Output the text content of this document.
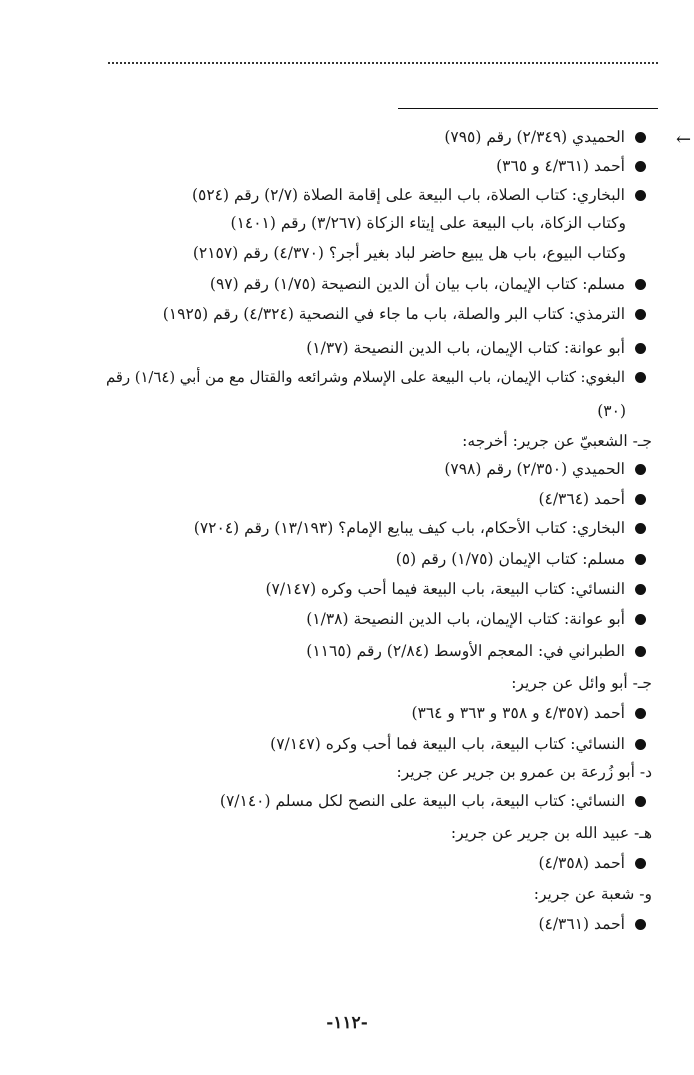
←
الحميدي (٢/٣٤٩) رقم (٧٩٥)
أحمد (٤/٣٦١ و ٣٦٥)
البخاري: كتاب الصلاة، باب البيعة على إقامة الصلاة (٢/٧) رقم (٥٢٤)
وكتاب الزكاة، باب البيعة على إيتاء الزكاة (٣/٢٦٧) رقم (١٤٠١)
وكتاب البيوع، باب هل يبيع حاضر لباد بغير أجر؟ (٤/٣٧٠) رقم (٢١٥٧)
مسلم: كتاب الإيمان، باب بيان أن الدين النصيحة (١/٧٥) رقم (٩٧)
الترمذي: كتاب البر والصلة، باب ما جاء في النصحية (٤/٣٢٤) رقم (١٩٢٥)
أبو عوانة: كتاب الإيمان، باب الدين النصيحة (١/٣٧)
البغوي: كتاب الإيمان، باب البيعة على الإسلام وشرائعه والقتال مع من أبي (١/٦٤) رقم
(٣٠)
جـ- الشعبيّ عن جرير: أخرجه:
الحميدي (٢/٣٥٠) رقم (٧٩٨)
أحمد (٤/٣٦٤)
البخاري: كتاب الأحكام، باب كيف يبايع الإمام؟ (١٣/١٩٣) رقم (٧٢٠٤)
مسلم: كتاب الإيمان (١/٧٥) رقم (٥)
النسائي: كتاب البيعة، باب البيعة فيما أحب وكره (٧/١٤٧)
أبو عوانة: كتاب الإيمان، باب الدين النصيحة (١/٣٨)
الطبراني في: المعجم الأوسط (٢/٨٤) رقم (١١٦٥)
جـ- أبو وائل عن جرير:
أحمد (٤/٣٥٧ و ٣٥٨ و ٣٦٣ و ٣٦٤)
النسائي: كتاب البيعة، باب البيعة فما أحب وكره (٧/١٤٧)
د- أبو زُرعة بن عمرو بن جرير عن جرير:
النسائي: كتاب البيعة، باب البيعة على النصح لكل مسلم (٧/١٤٠)
هـ- عبيد الله بن جرير عن جرير:
أحمد (٤/٣٥٨)
و- شعبة عن جرير:
أحمد (٤/٣٦١)
-١١٢-
